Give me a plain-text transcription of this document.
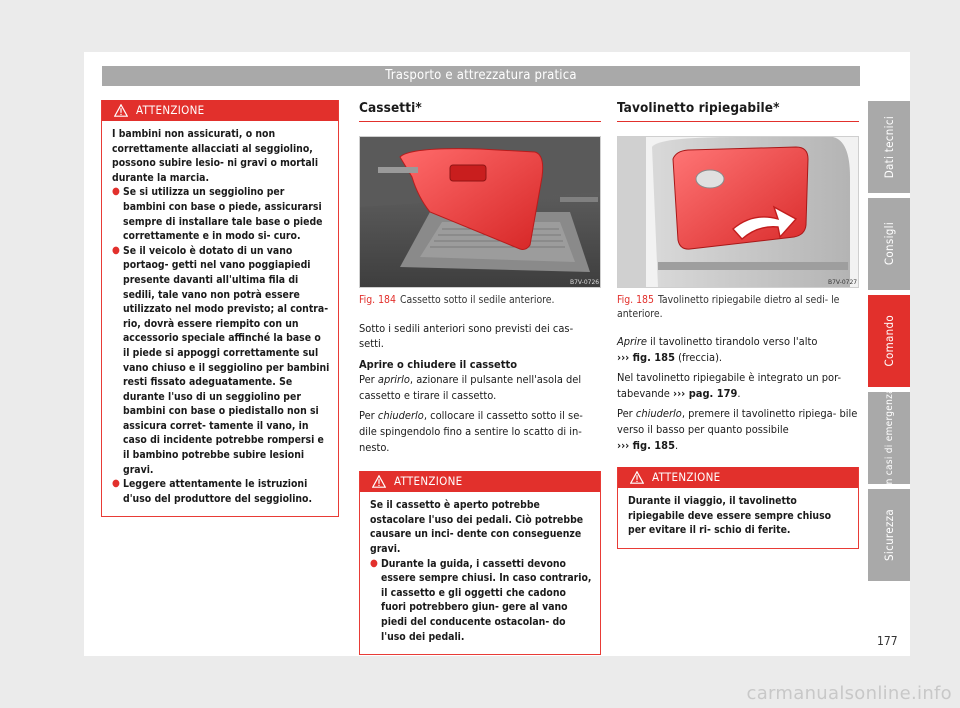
Trasporto e attrezzatura pratica
ATTENZIONE

I bambini non assicurati, o non correttamente allacciati al seggiolino, possono subire lesio- ni gravi o mortali durante la marcia.

● Se si utilizza un seggiolino per bambini con base o piede, assicurarsi sempre di installare tale base o piede correttamente e in modo si- curo.
● Se il veicolo è dotato di un vano portaog- getti nel vano poggiapiedi presente davanti all'ultima fila di sedili, tale vano non potrà essere utilizzato nel modo previsto; al contra- rio, dovrà essere riempito con un accessorio speciale affinché la base o il piede si appoggi correttamente sul vano chiuso e il seggiolino per bambini resti fissato adeguatamente. Se durante l'uso di un seggiolino per bambini con base o piedistallo non si assicura corret- tamente il vano, in caso di incidente potrebbe rompersi e il bambino potrebbe subire lesioni gravi.
● Leggere attentamente le istruzioni d'uso del produttore del seggiolino.
Cassetti*
B7V-0726
Fig. 184 Cassetto sotto il sedile anteriore.

Sotto i sedili anteriori sono previsti dei cas- setti.

Aprire o chiudere il cassetto
Per aprirlo, azionare il pulsante nell'asola del cassetto e tirare il cassetto.

Per chiuderlo, collocare il cassetto sotto il se- dile spingendolo fino a sentire lo scatto di in- nesto.

ATTENZIONE

Se il cassetto è aperto potrebbe ostacolare l'uso dei pedali. Ciò potrebbe causare un inci- dente con conseguenze gravi.

● Durante la guida, i cassetti devono essere sempre chiusi. In caso contrario, il cassetto e gli oggetti che cadono fuori potrebbero giun- gere al vano piedi del conducente ostacolan- do l'uso dei pedali.
Tavolinetto ripiegabile*
B7V-0727
Fig. 185 Tavolinetto ripiegabile dietro al sedi- le anteriore.

Aprire il tavolinetto tirandolo verso l'alto
››› fig. 185 (freccia).

Nel tavolinetto ripiegabile è integrato un por- tabevande ››› pag. 179.

Per chiuderlo, premere il tavolinetto ripiega- bile verso il basso per quanto possibile
››› fig. 185.

ATTENZIONE

Durante il viaggio, il tavolinetto ripiegabile deve essere sempre chiuso per evitare il ri- schio di ferite.

Dati tecnici
Consigli
Comando
In casi di emergenza
Sicurezza
177
carmanualsonline.info
